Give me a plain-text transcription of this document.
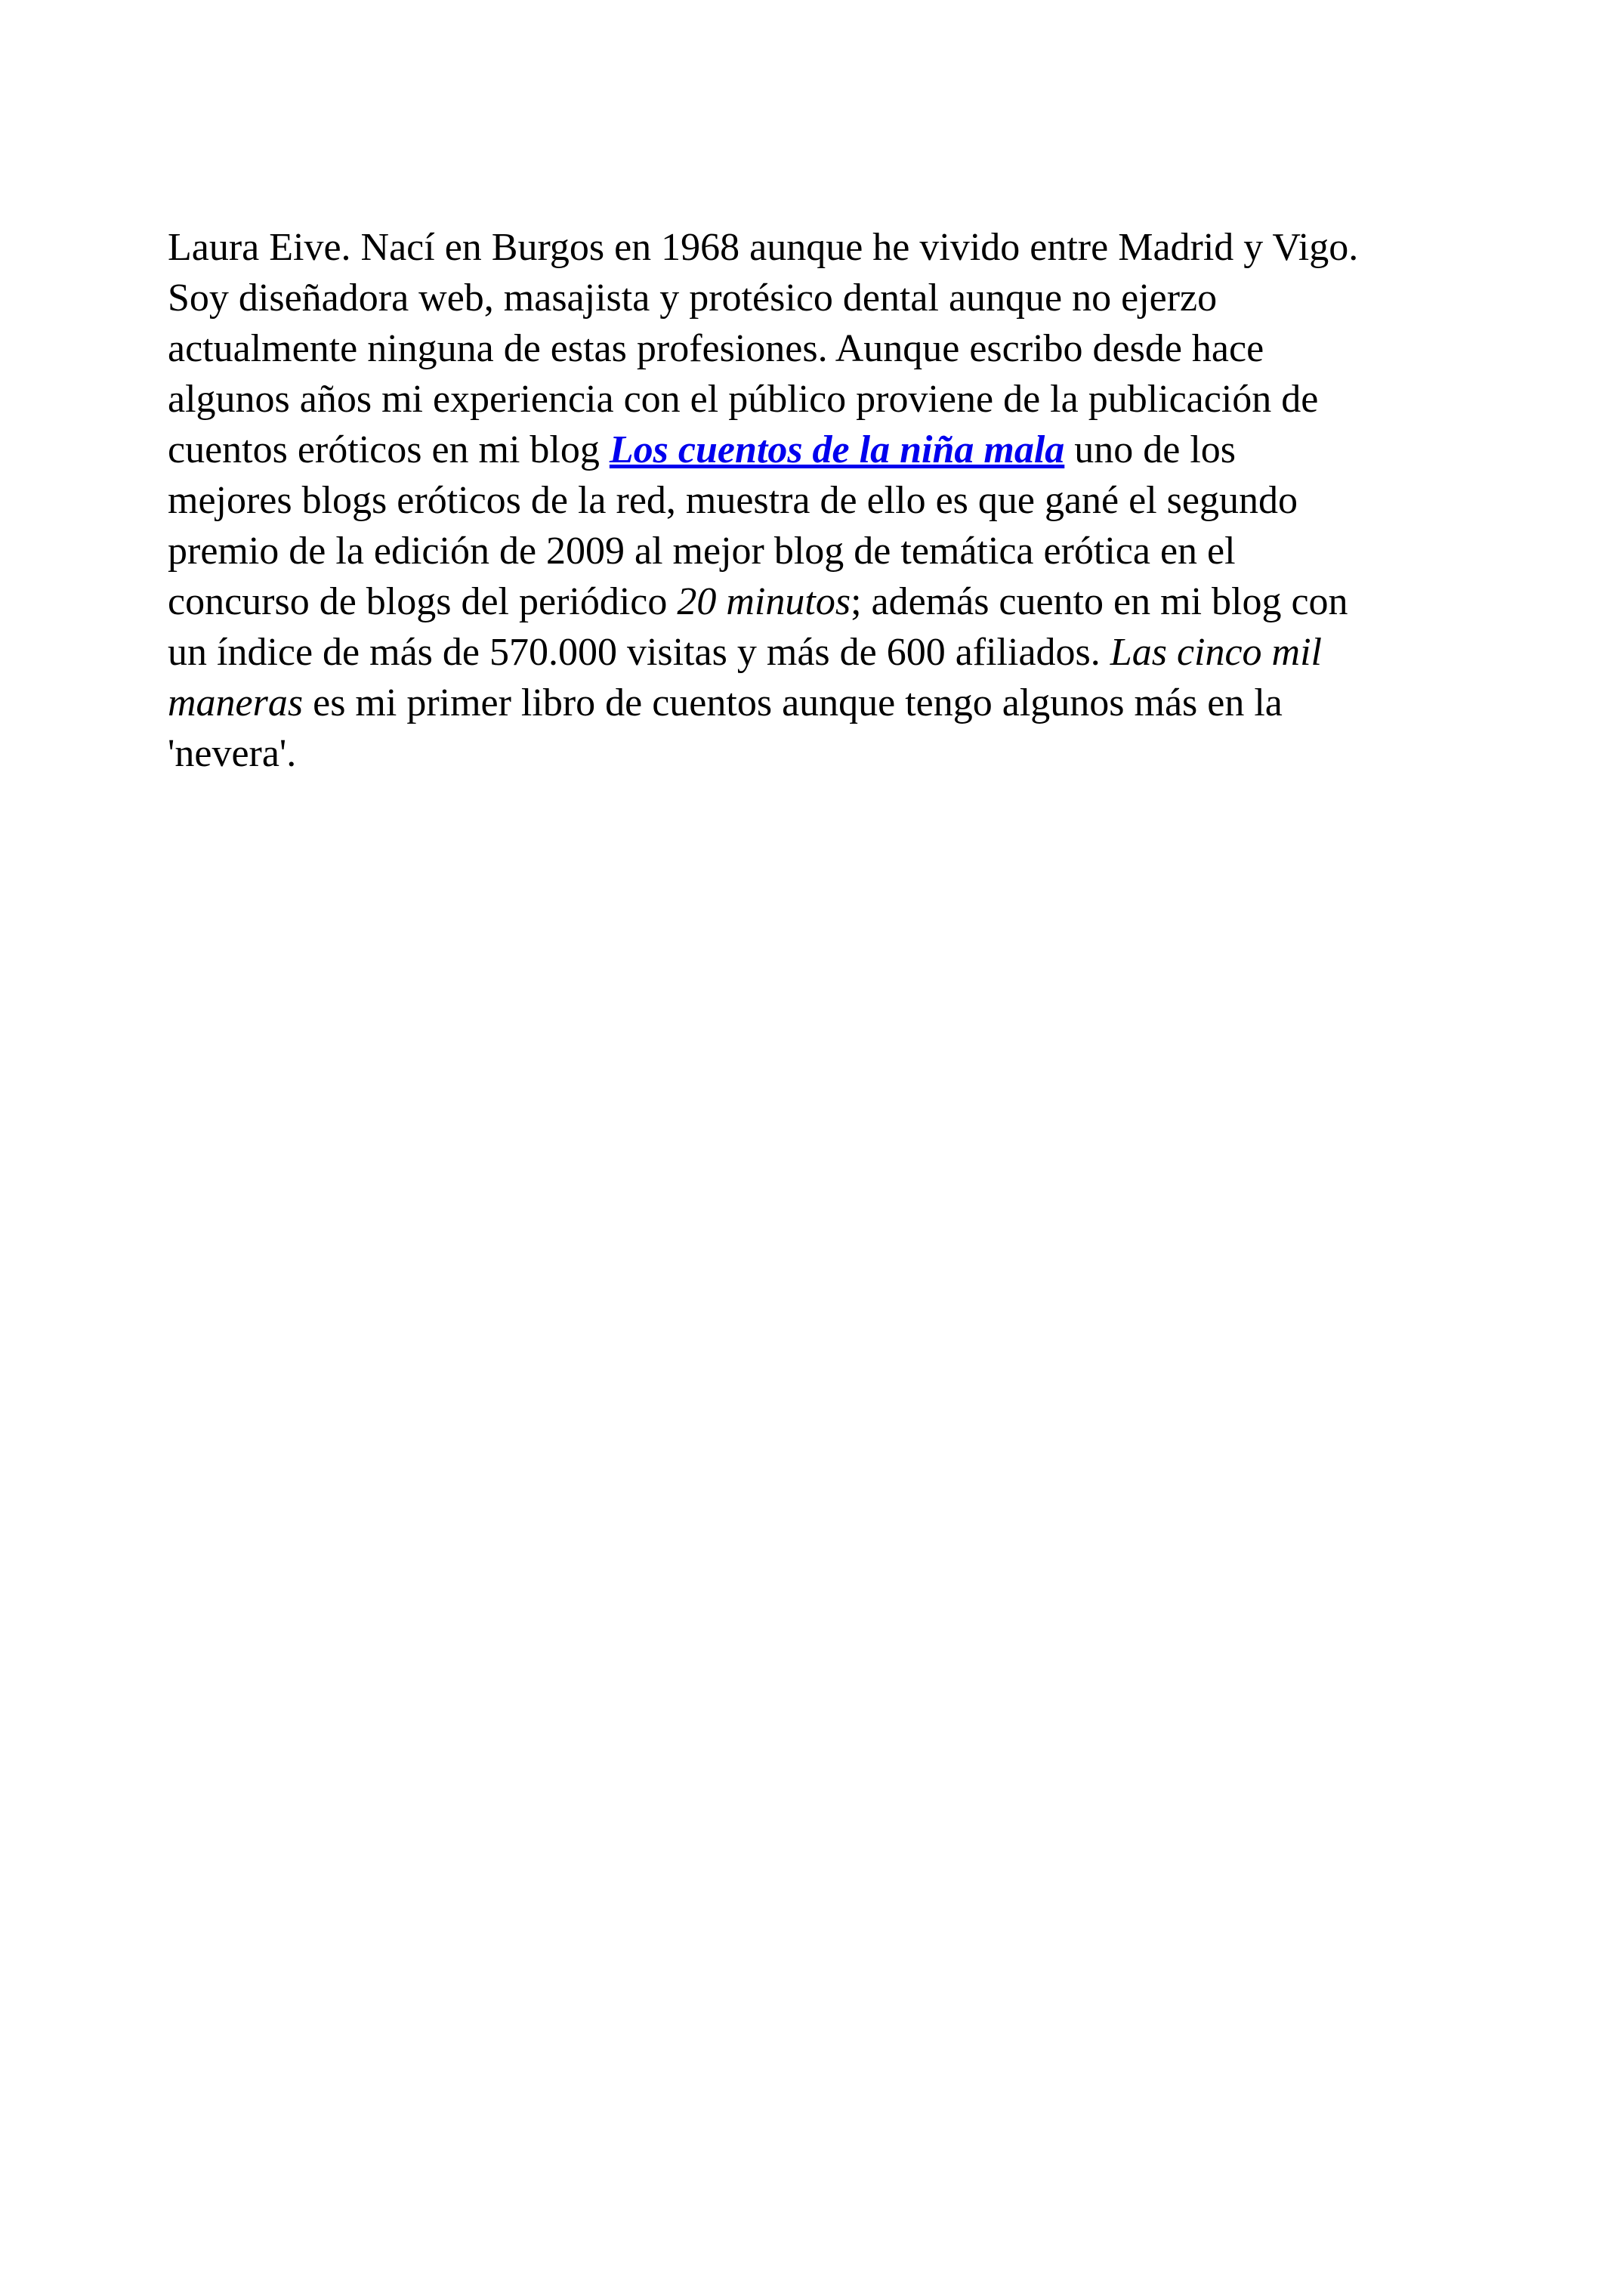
Laura Eive. Nací en Burgos en 1968 aunque he vivido entre Madrid y Vigo.
Soy diseñadora web, masajista y protésico dental aunque no ejerzo
actualmente ninguna de estas profesiones. Aunque escribo desde hace
algunos años mi experiencia con el público proviene de la publicación de
cuentos eróticos en mi blog Los cuentos de la niña mala uno de los
mejores blogs eróticos de la red, muestra de ello es que gané el segundo
premio de la edición de 2009 al mejor blog de temática erótica en el
concurso de blogs del periódico 20 minutos; además cuento en mi blog con
un índice de más de 570.000 visitas y más de 600 afiliados. Las cinco mil
maneras es mi primer libro de cuentos aunque tengo algunos más en la
'nevera'.
